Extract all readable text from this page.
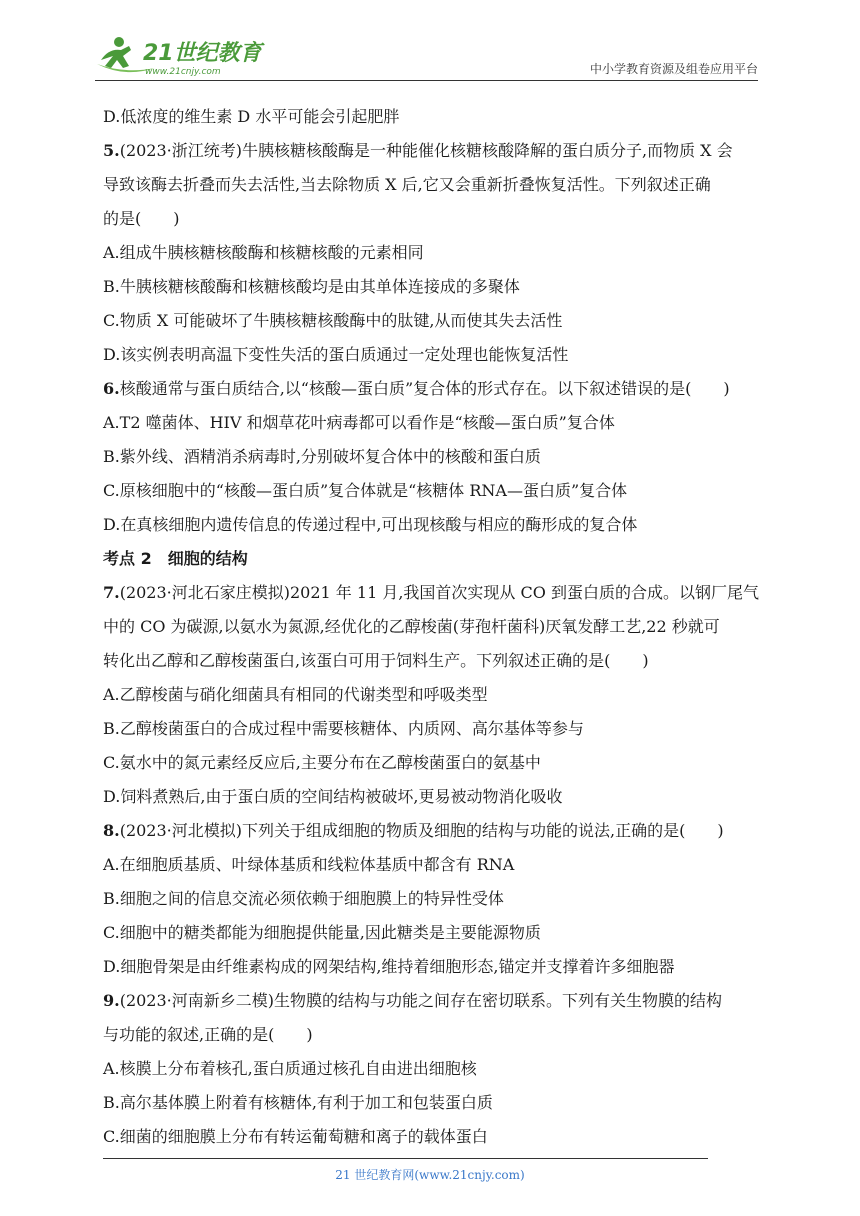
21世纪教育
www.21cnjy.com	中小学教育资源及组卷应用平台
D.低浓度的维生素 D 水平可能会引起肥胖
5.(2023·浙江统考)牛胰核糖核酸酶是一种能催化核糖核酸降解的蛋白质分子,而物质 X 会
导致该酶去折叠而失去活性,当去除物质 X 后,它又会重新折叠恢复活性。下列叙述正确
的是(　　)
A.组成牛胰核糖核酸酶和核糖核酸的元素相同
B.牛胰核糖核酸酶和核糖核酸均是由其单体连接成的多聚体
C.物质 X 可能破坏了牛胰核糖核酸酶中的肽键,从而使其失去活性
D.该实例表明高温下变性失活的蛋白质通过一定处理也能恢复活性
6.核酸通常与蛋白质结合,以“核酸—蛋白质”复合体的形式存在。以下叙述错误的是(　　)
A.T2 噬菌体、HIV 和烟草花叶病毒都可以看作是“核酸—蛋白质”复合体
B.紫外线、酒精消杀病毒时,分别破坏复合体中的核酸和蛋白质
C.原核细胞中的“核酸—蛋白质”复合体就是“核糖体 RNA—蛋白质”复合体
D.在真核细胞内遗传信息的传递过程中,可出现核酸与相应的酶形成的复合体
考点 2　细胞的结构
7.(2023·河北石家庄模拟)2021 年 11 月,我国首次实现从 CO 到蛋白质的合成。以钢厂尾气
中的 CO 为碳源,以氨水为氮源,经优化的乙醇梭菌(芽孢杆菌科)厌氧发酵工艺,22 秒就可
转化出乙醇和乙醇梭菌蛋白,该蛋白可用于饲料生产。下列叙述正确的是(　　)
A.乙醇梭菌与硝化细菌具有相同的代谢类型和呼吸类型
B.乙醇梭菌蛋白的合成过程中需要核糖体、内质网、高尔基体等参与
C.氨水中的氮元素经反应后,主要分布在乙醇梭菌蛋白的氨基中
D.饲料煮熟后,由于蛋白质的空间结构被破坏,更易被动物消化吸收
8.(2023·河北模拟)下列关于组成细胞的物质及细胞的结构与功能的说法,正确的是(　　)
A.在细胞质基质、叶绿体基质和线粒体基质中都含有 RNA
B.细胞之间的信息交流必须依赖于细胞膜上的特异性受体
C.细胞中的糖类都能为细胞提供能量,因此糖类是主要能源物质
D.细胞骨架是由纤维素构成的网架结构,维持着细胞形态,锚定并支撑着许多细胞器
9.(2023·河南新乡二模)生物膜的结构与功能之间存在密切联系。下列有关生物膜的结构
与功能的叙述,正确的是(　　)
A.核膜上分布着核孔,蛋白质通过核孔自由进出细胞核
B.高尔基体膜上附着有核糖体,有利于加工和包装蛋白质
C.细菌的细胞膜上分布有转运葡萄糖和离子的载体蛋白
21 世纪教育网(www.21cnjy.com)
